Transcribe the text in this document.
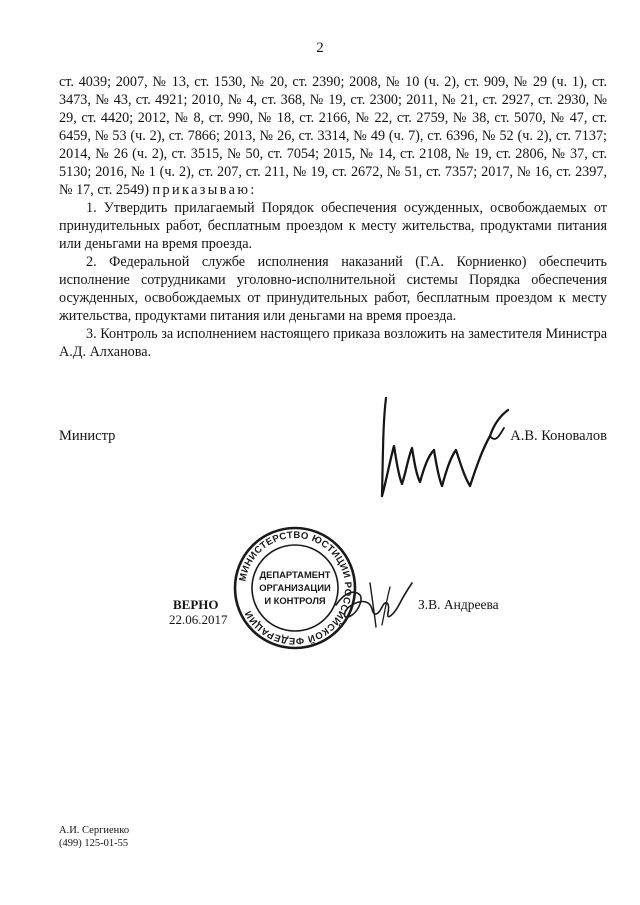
2

ст. 4039; 2007, № 13, ст. 1530, № 20, ст. 2390; 2008, № 10 (ч. 2), ст. 909, № 29 (ч. 1), ст. 3473, № 43, ст. 4921; 2010, № 4, ст. 368, № 19, ст. 2300; 2011, № 21, ст. 2927, ст. 2930, № 29, ст. 4420; 2012, № 8, ст. 990, № 18, ст. 2166, № 22, ст. 2759, № 38, ст. 5070, № 47, ст. 6459, № 53 (ч. 2), ст. 7866; 2013, № 26, ст. 3314, № 49 (ч. 7), ст. 6396, № 52 (ч. 2), ст. 7137; 2014, № 26 (ч. 2), ст. 3515, № 50, ст. 7054; 2015, № 14, ст. 2108, № 19, ст. 2806, № 37, ст. 5130; 2016, № 1 (ч. 2), ст. 207, ст. 211, № 19, ст. 2672, № 51, ст. 7357; 2017, № 16, ст. 2397, № 17, ст. 2549) приказываю:

1. Утвердить прилагаемый Порядок обеспечения осужденных, освобождаемых от принудительных работ, бесплатным проездом к месту жительства, продуктами питания или деньгами на время проезда.

2. Федеральной службе исполнения наказаний (Г.А. Корниенко) обеспечить исполнение сотрудниками уголовно-исполнительной системы Порядка обеспечения осужденных, освобождаемых от принудительных работ, бесплатным проездом к месту жительства, продуктами питания или деньгами на время проезда.

3. Контроль за исполнением настоящего приказа возложить на заместителя Министра А.Д. Алханова.

Министр	А.В. Коновалов
МИНИСТЕРСТВО ЮСТИЦИИ РОССИЙСКОЙ ФЕДЕРАЦИИ
ДЕПАРТАМЕНТ
ОРГАНИЗАЦИИ
И КОНТРОЛЯ
ВЕРНО
22.06.2017
З.В. Андреева
А.И. Сергиенко
(499) 125-01-55
